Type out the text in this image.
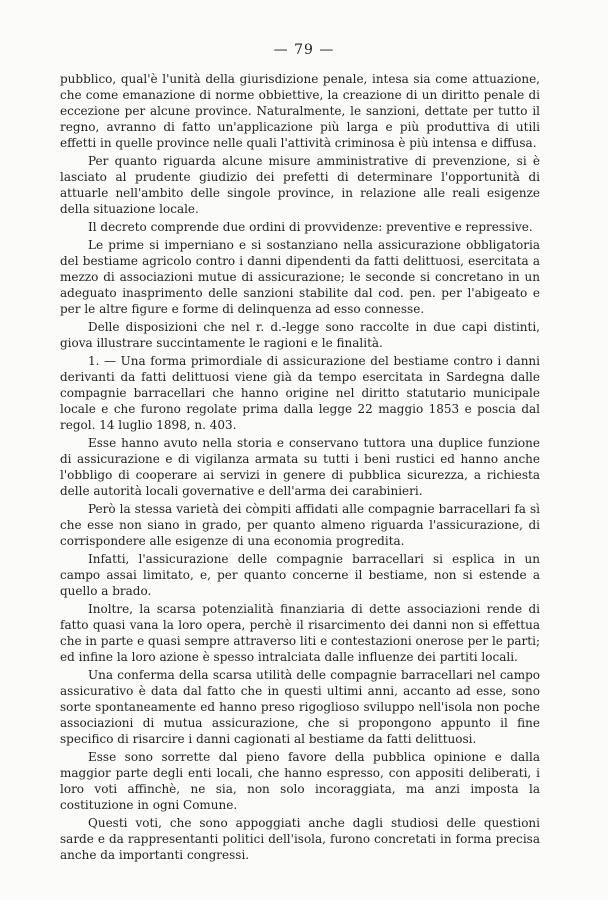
— 79 —

pubblico, qual'è l'unità della giurisdizione penale, intesa sia come attuazione, che come emanazione di norme obbiettive, la creazione di un diritto penale di eccezione per alcune province. Naturalmente, le sanzioni, dettate per tutto il regno, avranno di fatto un'applicazione più larga e più produttiva di utili effetti in quelle province nelle quali l'attività criminosa è più intensa e diffusa.

Per quanto riguarda alcune misure amministrative di prevenzione, si è lasciato al prudente giudizio dei prefetti di determinare l'opportunità di attuarle nell'ambito delle singole province, in relazione alle reali esigenze della situazione locale.

Il decreto comprende due ordini di provvidenze: preventive e repressive.

Le prime si imperniano e si sostanziano nella assicurazione obbligatoria del bestiame agricolo contro i danni dipendenti da fatti delittuosi, esercitata a mezzo di associazioni mutue di assicurazione; le seconde si concretano in un adeguato inasprimento delle sanzioni stabilite dal cod. pen. per l'abigeato e per le altre figure e forme di delinquenza ad esso connesse.

Delle disposizioni che nel r. d.-legge sono raccolte in due capi distinti, giova illustrare succintamente le ragioni e le finalità.

1. — Una forma primordiale di assicurazione del bestiame contro i danni derivanti da fatti delittuosi viene già da tempo esercitata in Sardegna dalle compagnie barracellari che hanno origine nel diritto statutario municipale locale e che furono regolate prima dalla legge 22 maggio 1853 e poscia dal regol. 14 luglio 1898, n. 403.

Esse hanno avuto nella storia e conservano tuttora una duplice funzione di assicurazione e di vigilanza armata su tutti i beni rustici ed hanno anche l'obbligo di cooperare ai servizi in genere di pubblica sicurezza, a richiesta delle autorità locali governative e dell'arma dei carabinieri.

Però la stessa varietà dei còmpiti affidati alle compagnie barracellari fa sì che esse non siano in grado, per quanto almeno riguarda l'assicurazione, di corrispondere alle esigenze di una economia progredita.

Infatti, l'assicurazione delle compagnie barracellari si esplica in un campo assai limitato, e, per quanto concerne il bestiame, non si estende a quello a brado.

Inoltre, la scarsa potenzialità finanziaria di dette associazioni rende di fatto quasi vana la loro opera, perchè il risarcimento dei danni non si effettua che in parte e quasi sempre attraverso liti e contestazioni onerose per le parti; ed infine la loro azione è spesso intralciata dalle influenze dei partiti locali.

Una conferma della scarsa utilità delle compagnie barracellari nel campo assicurativo è data dal fatto che in questi ultimi anni, accanto ad esse, sono sorte spontaneamente ed hanno preso rigoglioso sviluppo nell'isola non poche associazioni di mutua assicurazione, che si propongono appunto il fine specifico di risarcire i danni cagionati al bestiame da fatti delittuosi.

Esse sono sorrette dal pieno favore della pubblica opinione e dalla maggior parte degli enti locali, che hanno espresso, con appositi deliberati, i loro voti affinchè, ne sia, non solo incoraggiata, ma anzi imposta la costituzione in ogni Comune.

Questi voti, che sono appoggiati anche dagli studiosi delle questioni sarde e da rappresentanti politici dell'isola, furono concretati in forma precisa anche da importanti congressi.
